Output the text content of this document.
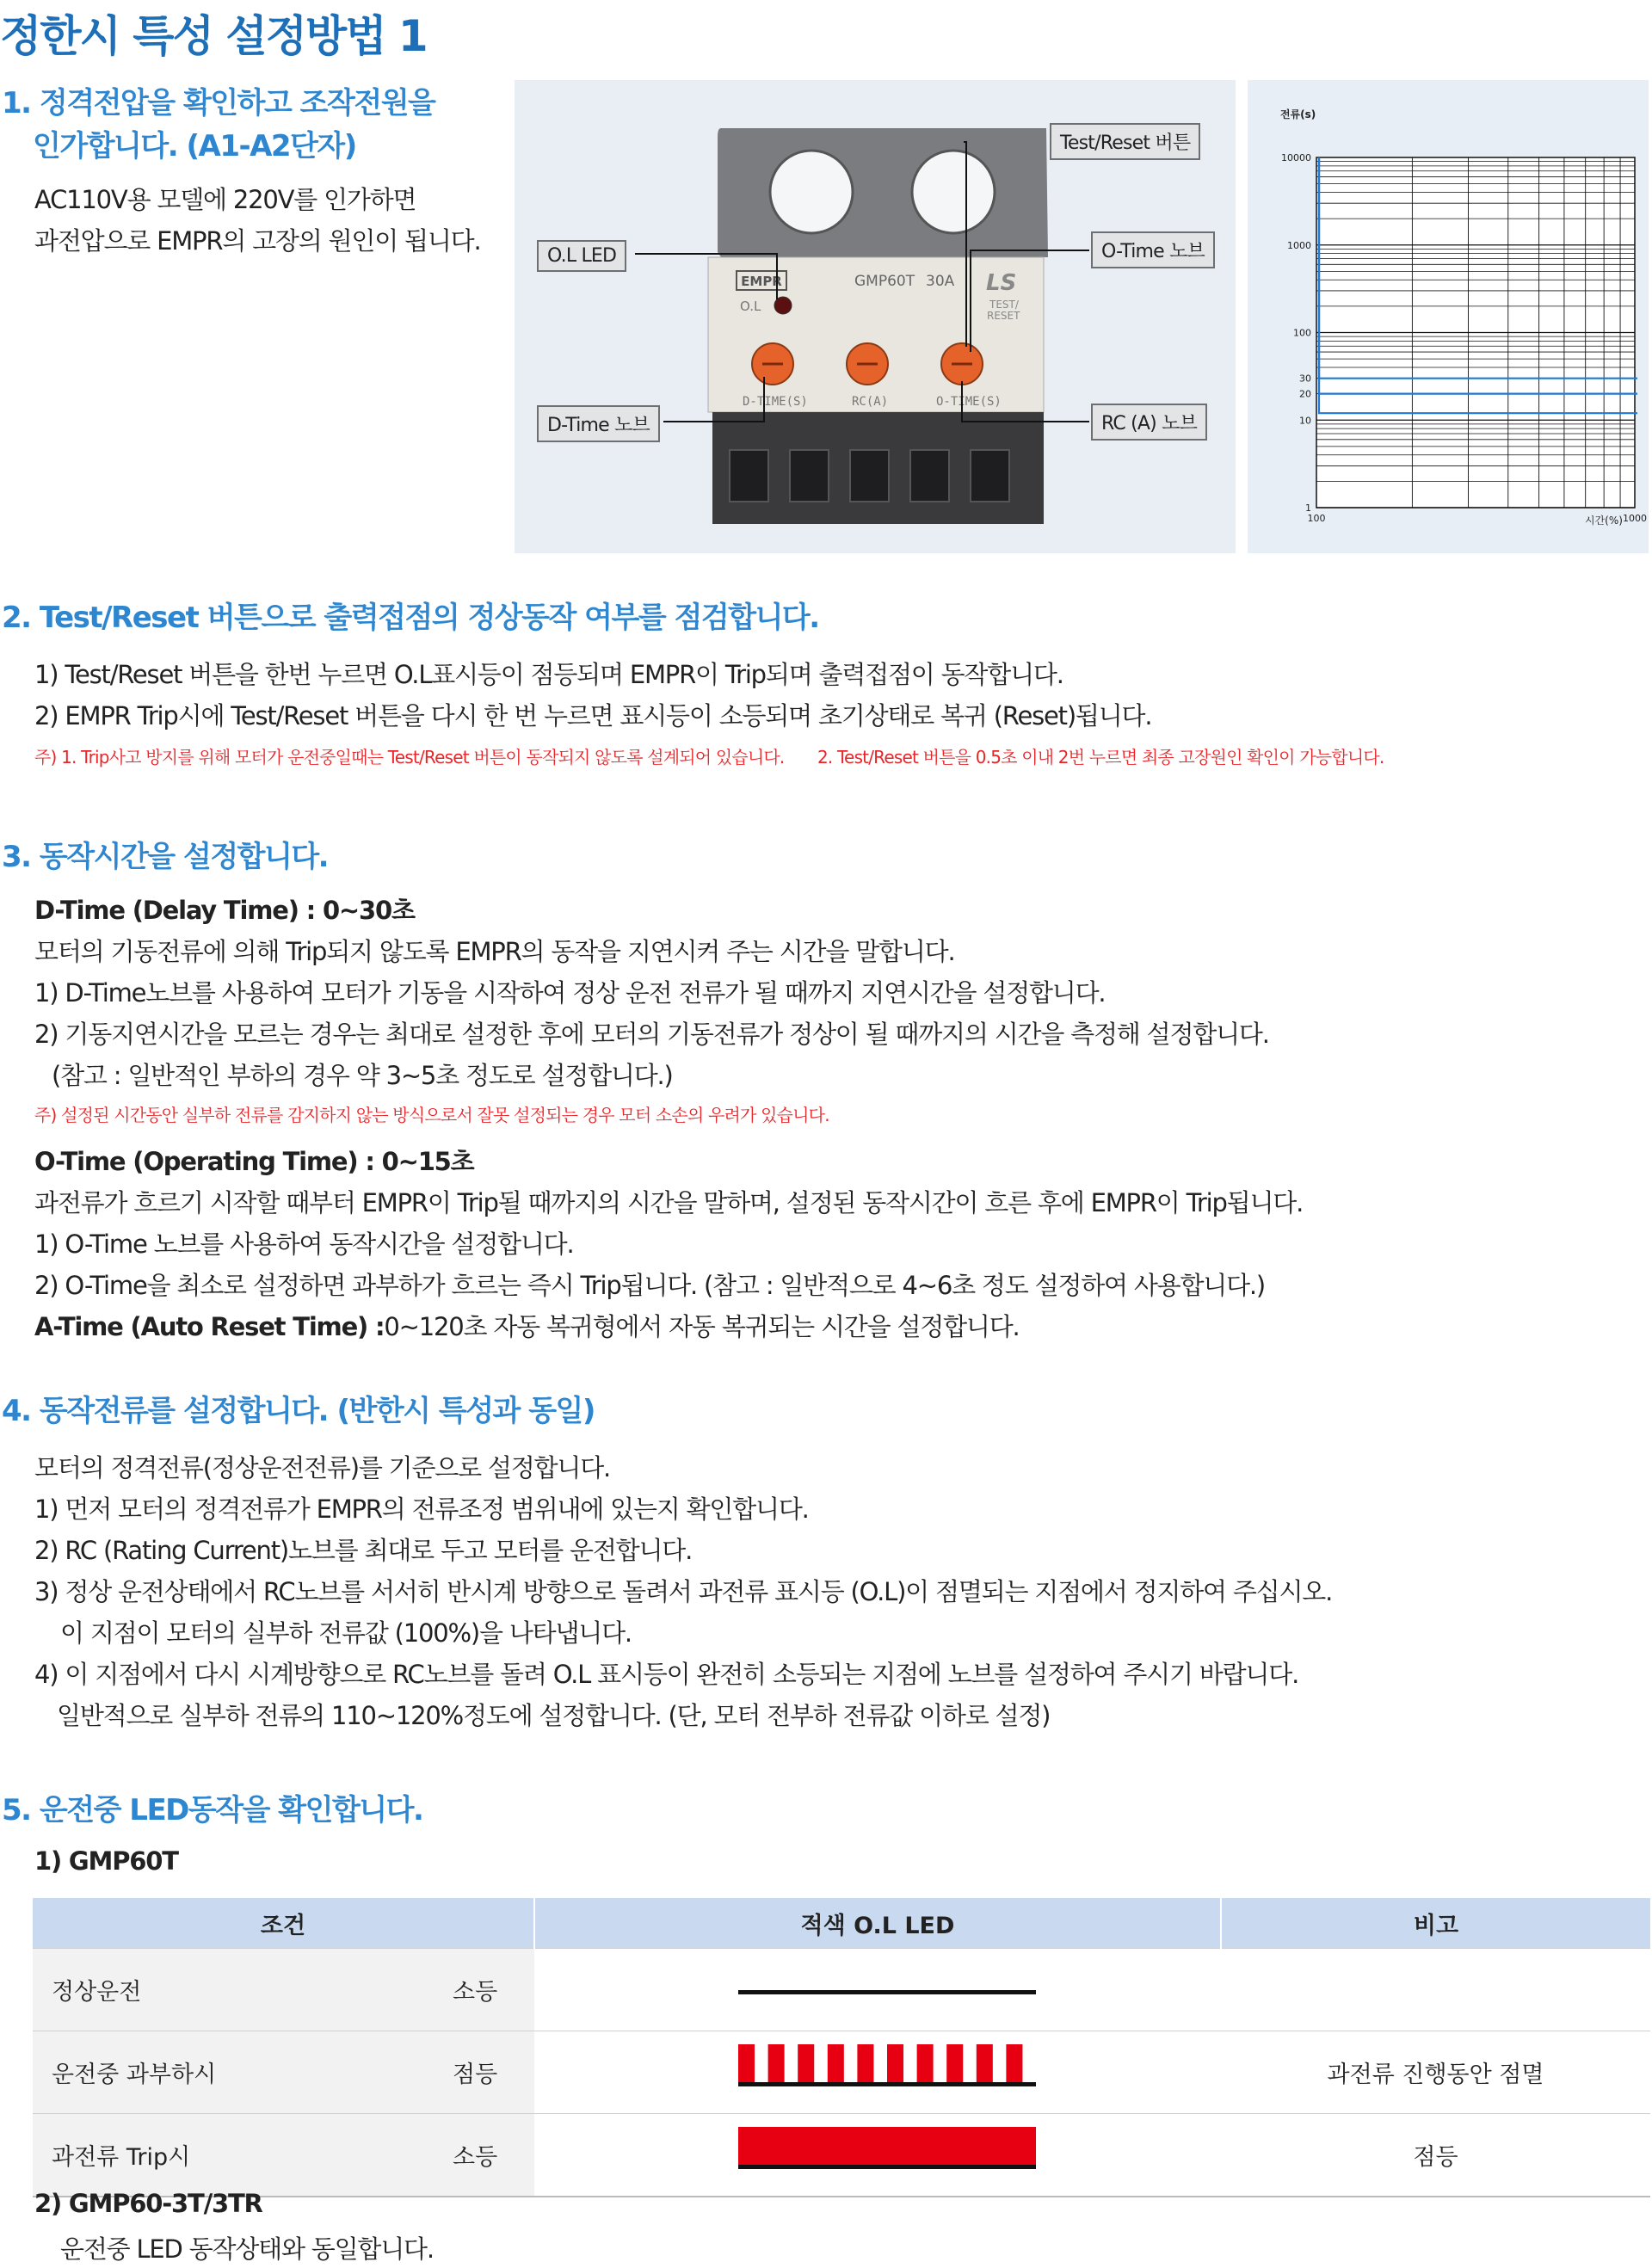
정한시 특성 설정방법 1
1. 정격전압을 확인하고 조작전원을
인가합니다. (A1-A2단자)
AC110V용 모델에 220V를 인가하면
과전압으로 EMPR의 고장의 원인이 됩니다.
EMPR	GMP60T 30A LS
TEST/
RESET
O.L
D-TIME(S)	RC(A)	O-TIME(S)
O.L LED
D-Time 노브
Test/Reset 버튼
O-Time 노브
RC (A) 노브
10000
1000
100
30
20
10
1
100	1000
전류(s)
시간(%)
2. Test/Reset 버튼으로 출력접점의 정상동작 여부를 점검합니다.
1) Test/Reset 버튼을 한번 누르면 O.L표시등이 점등되며 EMPR이 Trip되며 출력접점이 동작합니다.
2) EMPR Trip시에 Test/Reset 버튼을 다시 한 번 누르면 표시등이 소등되며 초기상태로 복귀 (Reset)됩니다.
주) 1. Trip사고 방지를 위해 모터가 운전중일때는 Test/Reset 버튼이 동작되지 않도록 설계되어 있습니다. 2. Test/Reset 버튼을 0.5초 이내 2번 누르면 최종 고장원인 확인이 가능합니다.
3. 동작시간을 설정합니다.
D-Time (Delay Time) : 0~30초
모터의 기동전류에 의해 Trip되지 않도록 EMPR의 동작을 지연시켜 주는 시간을 말합니다.
1) D-Time노브를 사용하여 모터가 기동을 시작하여 정상 운전 전류가 될 때까지 지연시간을 설정합니다.
2) 기동지연시간을 모르는 경우는 최대로 설정한 후에 모터의 기동전류가 정상이 될 때까지의 시간을 측정해 설정합니다.
(참고 : 일반적인 부하의 경우 약 3~5초 정도로 설정합니다.)
주) 설정된 시간동안 실부하 전류를 감지하지 않는 방식으로서 잘못 설정되는 경우 모터 소손의 우려가 있습니다.
O-Time (Operating Time) : 0~15초
과전류가 흐르기 시작할 때부터 EMPR이 Trip될 때까지의 시간을 말하며, 설정된 동작시간이 흐른 후에 EMPR이 Trip됩니다.
1) O-Time 노브를 사용하여 동작시간을 설정합니다.
2) O-Time을 최소로 설정하면 과부하가 흐르는 즉시 Trip됩니다. (참고 : 일반적으로 4~6초 정도 설정하여 사용합니다.)
A-Time (Auto Reset Time) :0~120초 자동 복귀형에서 자동 복귀되는 시간을 설정합니다.
4. 동작전류를 설정합니다. (반한시 특성과 동일)
모터의 정격전류(정상운전전류)를 기준으로 설정합니다.
1) 먼저 모터의 정격전류가 EMPR의 전류조정 범위내에 있는지 확인합니다.
2) RC (Rating Current)노브를 최대로 두고 모터를 운전합니다.
3) 정상 운전상태에서 RC노브를 서서히 반시계 방향으로 돌려서 과전류 표시등 (O.L)이 점멸되는 지점에서 정지하여 주십시오.
이 지점이 모터의 실부하 전류값 (100%)을 나타냅니다.
4) 이 지점에서 다시 시계방향으로 RC노브를 돌려 O.L 표시등이 완전히 소등되는 지점에 노브를 설정하여 주시기 바랍니다.
일반적으로 실부하 전류의 110~120%정도에 설정합니다. (단, 모터 전부하 전류값 이하로 설정)
5. 운전중 LED동작을 확인합니다.
1) GMP60T
조건		적색 O.L LED	비고
정상운전	소등		
운전중 과부하시	점등		과전류 진행동안 점멸
과전류 Trip시	소등		점등
2) GMP60-3T/3TR
운전중 LED 동작상태와 동일합니다.
